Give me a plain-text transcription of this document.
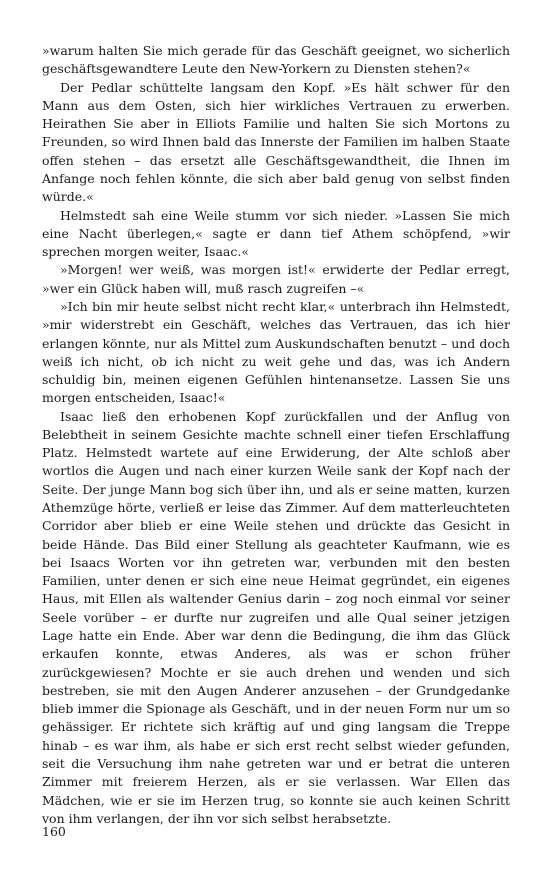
»warum halten Sie mich gerade für das Geschäft geeignet, wo sicherlich geschäftsgewandtere Leute den New-Yorkern zu Diensten stehen?«

Der Pedlar schüttelte langsam den Kopf. »Es hält schwer für den Mann aus dem Osten, sich hier wirkliches Vertrauen zu erwerben. Heirathen Sie aber in Elliots Familie und halten Sie sich Mortons zu Freunden, so wird Ihnen bald das Innerste der Familien im halben Staate offen stehen – das ersetzt alle Geschäftsgewandtheit, die Ihnen im Anfange noch fehlen könnte, die sich aber bald genug von selbst finden würde.«

Helmstedt sah eine Weile stumm vor sich nieder. »Lassen Sie mich eine Nacht überlegen,« sagte er dann tief Athem schöpfend, »wir sprechen morgen weiter, Isaac.«

»Morgen! wer weiß, was morgen ist!« erwiderte der Pedlar erregt, »wer ein Glück haben will, muß rasch zugreifen –«

»Ich bin mir heute selbst nicht recht klar,« unterbrach ihn Helmstedt, »mir widerstrebt ein Geschäft, welches das Vertrauen, das ich hier erlangen könnte, nur als Mittel zum Auskundschaften benutzt – und doch weiß ich nicht, ob ich nicht zu weit gehe und das, was ich Andern schuldig bin, meinen eigenen Gefühlen hintenansetze. Lassen Sie uns morgen entscheiden, Isaac!«

Isaac ließ den erhobenen Kopf zurückfallen und der Anflug von Belebtheit in seinem Gesichte machte schnell einer tiefen Erschlaffung Platz. Helmstedt wartete auf eine Erwiderung, der Alte schloß aber wortlos die Augen und nach einer kurzen Weile sank der Kopf nach der Seite. Der junge Mann bog sich über ihn, und als er seine matten, kurzen Athemzüge hörte, verließ er leise das Zimmer. Auf dem matterleuchteten Corridor aber blieb er eine Weile stehen und drückte das Gesicht in beide Hände. Das Bild einer Stellung als geachteter Kaufmann, wie es bei Isaacs Worten vor ihn getreten war, verbunden mit den besten Familien, unter denen er sich eine neue Heimat gegründet, ein eigenes Haus, mit Ellen als waltender Genius darin – zog noch einmal vor seiner Seele vorüber – er durfte nur zugreifen und alle Qual seiner jetzigen Lage hatte ein Ende. Aber war denn die Bedingung, die ihm das Glück erkaufen konnte, etwas Anderes, als was er schon früher zurückgewiesen? Mochte er sie auch drehen und wenden und sich bestreben, sie mit den Augen Anderer anzusehen – der Grundgedanke blieb immer die Spionage als Geschäft, und in der neuen Form nur um so gehässiger. Er richtete sich kräftig auf und ging langsam die Treppe hinab – es war ihm, als habe er sich erst recht selbst wieder gefunden, seit die Versuchung ihm nahe getreten war und er betrat die unteren Zimmer mit freierem Herzen, als er sie verlassen. War Ellen das Mädchen, wie er sie im Herzen trug, so konnte sie auch keinen Schritt von ihm verlangen, der ihn vor sich selbst herabsetzte.

160
